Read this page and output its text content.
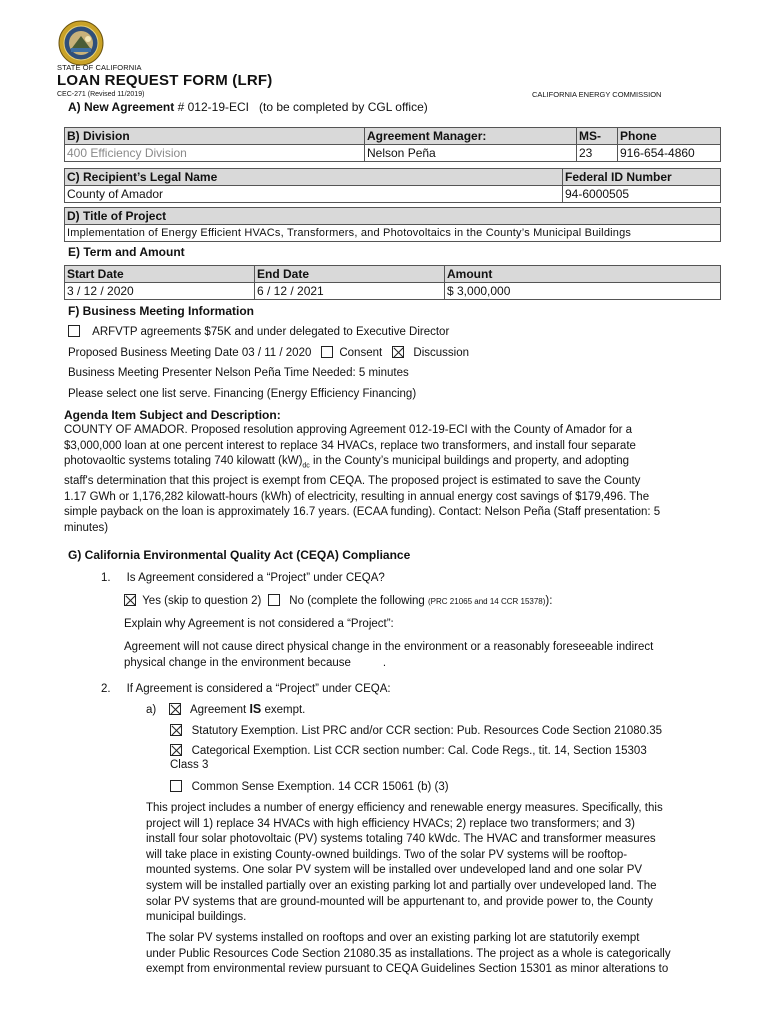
STATE OF CALIFORNIA
LOAN REQUEST FORM (LRF)
CEC-271 (Revised 11/2019)	CALIFORNIA ENERGY COMMISSION
A) New Agreement # 012-19-ECI (to be completed by CGL office)
B) Division	Agreement Manager:	MS-	Phone
400 Efficiency Division	Nelson Peña	23	916-654-4860
C) Recipient’s Legal Name	Federal ID Number
County of Amador	94-6000505
D) Title of Project
Implementation of Energy Efficient HVACs, Transformers, and Photovoltaics in the County’s Municipal Buildings
E) Term and Amount
Start Date	End Date	Amount
3 / 12 / 2020	6 / 12 / 2021	$ 3,000,000
F) Business Meeting Information
ARFVTP agreements $75K and under delegated to Executive Director
Proposed Business Meeting Date 03 / 11 / 2020 Consent	Discussion
Business Meeting Presenter Nelson Peña Time Needed: 5 minutes
Please select one list serve. Financing (Energy Efficiency Financing)
Agenda Item Subject and Description:
COUNTY OF AMADOR. Proposed resolution approving Agreement 012-19-ECI with the County of Amador for a
$3,000,000 loan at one percent interest to replace 34 HVACs, replace two transformers, and install four separate
photovaoltic systems totaling 740 kilowatt $(kW)_{dc}$ in the County’s municipal buildings and property, and adopting
staff's determination that this project is exempt from CEQA. The proposed project is estimated to save the County
1.17 GWh or 1,176,282 kilowatt-hours (kWh) of electricity, resulting in annual energy cost savings of $179,496. The
simple payback on the loan is approximately 16.7 years. (ECAA funding). Contact: Nelson Peña (Staff presentation: 5
minutes)
G) California Environmental Quality Act (CEQA) Compliance
1. Is Agreement considered a “Project” under CEQA?
Yes (skip to question 2) No (complete the following (PRC 21065 and 14 CCR 15378)):
Explain why Agreement is not considered a “Project”:
Agreement will not cause direct physical change in the environment or a reasonably foreseeable indirect
physical change in the environment because          .
2. If Agreement is considered a “Project” under CEQA:
a)	Agreement IS exempt.
Statutory Exemption. List PRC and/or CCR section: Pub. Resources Code Section 21080.35
Categorical Exemption. List CCR section number: Cal. Code Regs., tit. 14, Section 15303
Class 3
Common Sense Exemption. 14 CCR 15061 (b) (3)
This project includes a number of energy efficiency and renewable energy measures. Specifically, this
project will 1) replace 34 HVACs with high efficiency HVACs; 2) replace two transformers; and 3)
install four solar photovoltaic (PV) systems totaling 740 kWdc. The HVAC and transformer measures
will take place in existing County-owned buildings. Two of the solar PV systems will be rooftop-
mounted systems. One solar PV system will be installed over undeveloped land and one solar PV
system will be installed partially over an existing parking lot and partially over undeveloped land. The
solar PV systems that are ground-mounted will be appurtenant to, and provide power to, the County
municipal buildings.
The solar PV systems installed on rooftops and over an existing parking lot are statutorily exempt
under Public Resources Code Section 21080.35 as installations. The project as a whole is categorically
exempt from environmental review pursuant to CEQA Guidelines Section 15301 as minor alterations to
